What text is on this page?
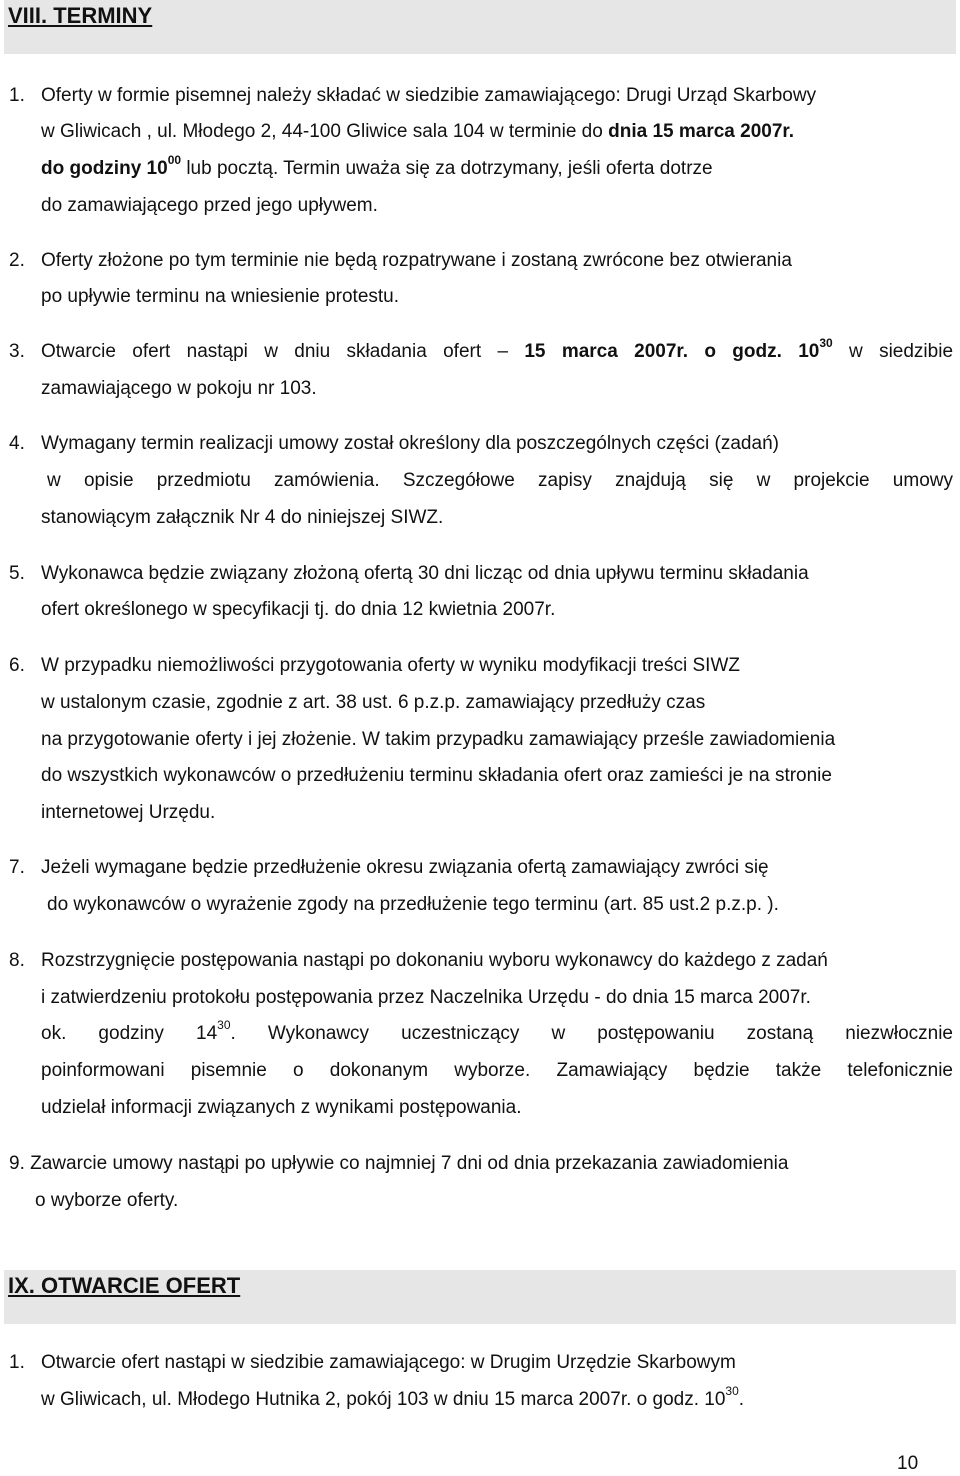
VIII. TERMINY
1. Oferty w formie pisemnej należy składać w siedzibie zamawiającego: Drugi Urząd Skarbowy
w Gliwicach , ul. Młodego 2, 44-100 Gliwice sala 104 w terminie do dnia 15 marca 2007r.
do godziny $10^{00}$ lub pocztą. Termin uważa się za dotrzymany, jeśli oferta dotrze
do zamawiającego przed jego upływem.
2. Oferty złożone po tym terminie nie będą rozpatrywane i zostaną zwrócone bez otwierania
po upływie terminu na wniesienie protestu.
3. Otwarcie ofert nastąpi w dniu składania ofert – 15 marca 2007r. o godz. $10^{30}$ w siedzibie
zamawiającego w pokoju nr 103.
4. Wymagany termin realizacji umowy został określony dla poszczególnych części (zadań)
w opisie przedmiotu zamówienia. Szczegółowe zapisy znajdują się w projekcie umowy
stanowiącym załącznik Nr 4 do niniejszej SIWZ.
5. Wykonawca będzie związany złożoną ofertą 30 dni licząc od dnia upływu terminu składania
ofert określonego w specyfikacji tj. do dnia 12 kwietnia 2007r.
6. W przypadku niemożliwości przygotowania oferty w wyniku modyfikacji treści SIWZ
w ustalonym czasie, zgodnie z art. 38 ust. 6 p.z.p. zamawiający przedłuży czas
na przygotowanie oferty i jej złożenie. W takim przypadku zamawiający prześle zawiadomienia
do wszystkich wykonawców o przedłużeniu terminu składania ofert oraz zamieści je na stronie
internetowej Urzędu.
7. Jeżeli wymagane będzie przedłużenie okresu związania ofertą zamawiający zwróci się
do wykonawców o wyrażenie zgody na przedłużenie tego terminu (art. 85 ust.2 p.z.p. ).
8. Rozstrzygnięcie postępowania nastąpi po dokonaniu wyboru wykonawcy do każdego z zadań
i zatwierdzeniu protokołu postępowania przez Naczelnika Urzędu - do dnia 15 marca 2007r.
ok. godziny $14^{30}$. Wykonawcy uczestniczący w postępowaniu zostaną niezwłocznie
poinformowani pisemnie o dokonanym wyborze. Zamawiający będzie także telefonicznie
udzielał informacji związanych z wynikami postępowania.
9. Zawarcie umowy nastąpi po upływie co najmniej 7 dni od dnia przekazania zawiadomienia
o wyborze oferty.
IX. OTWARCIE OFERT
1. Otwarcie ofert nastąpi w siedzibie zamawiającego: w Drugim Urzędzie Skarbowym
w Gliwicach, ul. Młodego Hutnika 2, pokój 103 w dniu 15 marca 2007r. o godz. $10^{30}$.
10
